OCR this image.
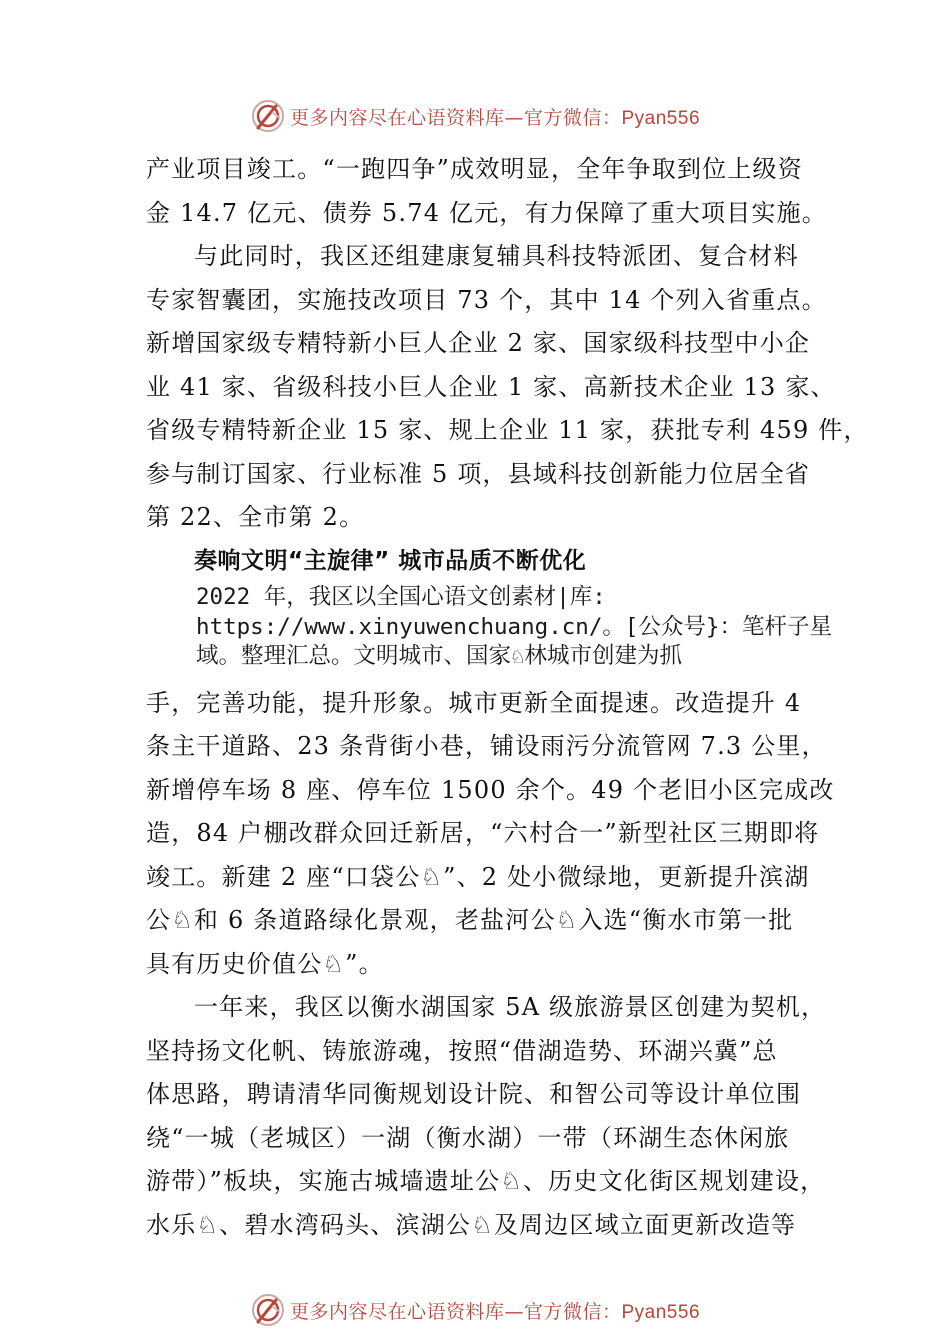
更多内容尽在心语资料库—官方微信：Pyan556
产业项目竣工。“一跑四争”成效明显，全年争取到位上级资
金 14.7 亿元、债券 5.74 亿元，有力保障了重大项目实施。
与此同时，我区还组建康复辅具科技特派团、复合材料
专家智囊团，实施技改项目 73 个，其中 14 个列入省重点。
新增国家级专精特新小巨人企业 2 家、国家级科技型中小企
业 41 家、省级科技小巨人企业 1 家、高新技术企业 13 家、
省级专精特新企业 15 家、规上企业 11 家，获批专利 459 件，
参与制订国家、行业标准 5 项，县域科技创新能力位居全省
第 22、全市第 2。
奏响文明“主旋律” 城市品质不断优化
2022 年，我区以全国心语文创素材|库:
https://www.xinyuwenchuang.cn/。[公众号}：笔杆子星
域。整理汇总。文明城市、国家♘林城市创建为抓
手，完善功能，提升形象。城市更新全面提速。改造提升 4
条主干道路、23 条背街小巷，铺设雨污分流管网 7.3 公里，
新增停车场 8 座、停车位 1500 余个。49 个老旧小区完成改
造，84 户棚改群众回迁新居，“六村合一”新型社区三期即将
竣工。新建 2 座“口袋公♘”、2 处小微绿地，更新提升滨湖
公♘和 6 条道路绿化景观，老盐河公♘入选“衡水市第一批
具有历史价值公♘”。
一年来，我区以衡水湖国家 5A 级旅游景区创建为契机，
坚持扬文化帆、铸旅游魂，按照“借湖造势、环湖兴冀”总
体思路，聘请清华同衡规划设计院、和智公司等设计单位围
绕“一城（老城区）一湖（衡水湖）一带（环湖生态休闲旅
游带）”板块，实施古城墙遗址公♘、历史文化街区规划建设，
水乐♘、碧水湾码头、滨湖公♘及周边区域立面更新改造等
更多内容尽在心语资料库—官方微信：Pyan556
